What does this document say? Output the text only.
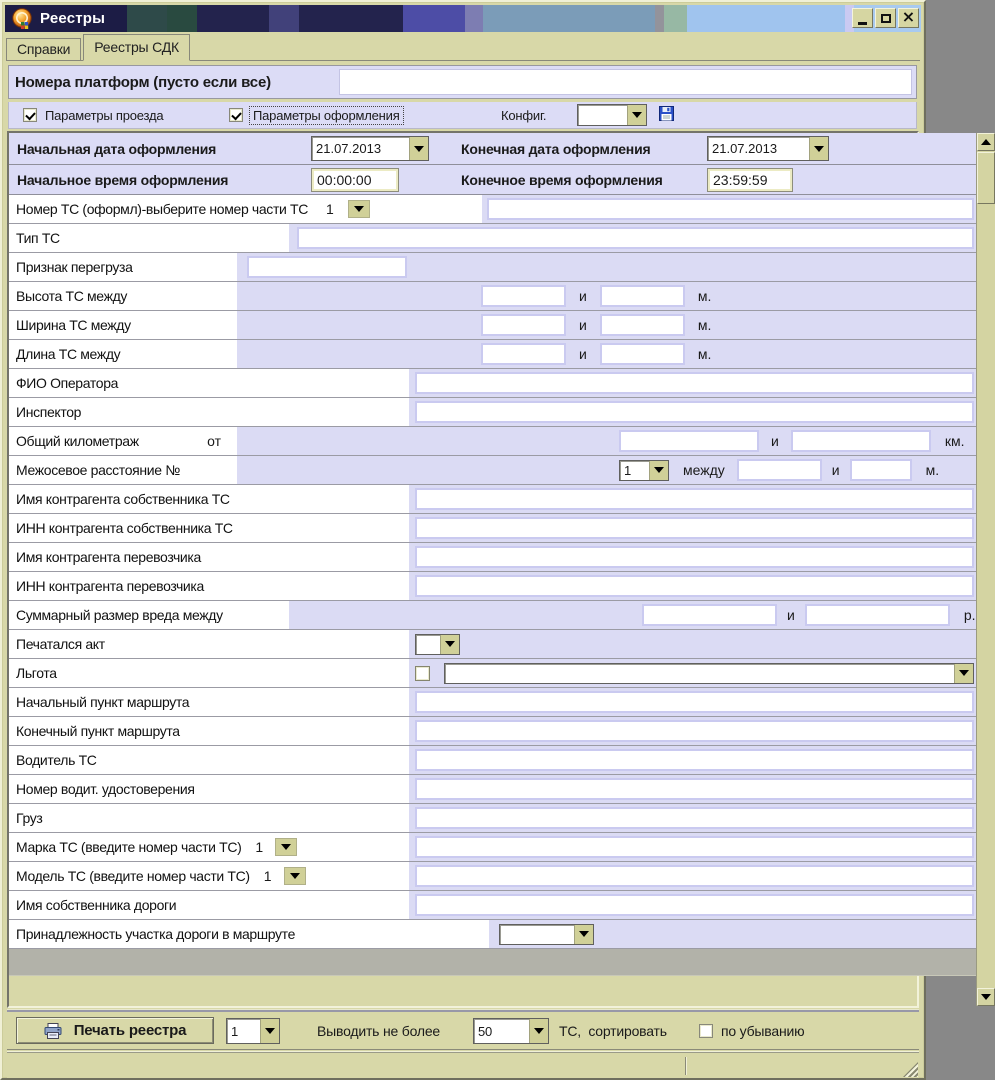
Реестры	×
Справки Реестры СДК
Номера платформ (пусто если все)
Параметры проезда	Параметры оформления	Конфиг.
Начальная дата оформления	21.07.2013	Конечная дата оформления	21.07.2013
Начальное время оформления	00:00:00	Конечное время оформления	23:59:59
Номер ТС (оформл)-выберите номер части ТС 1
Тип ТС
Признак перегруза
Высота ТС между	и	м.
Ширина ТС между	и	м.
Длина ТС между	и	м.
ФИО Оператора
Инспектор
Общий километраж	от	и	км.
Межосевое расстояние №	1	между	и	м.
Имя контрагента собственника ТС
ИНН контрагента собственника ТС
Имя контрагента перевозчика
ИНН контрагента перевозчика
Суммарный размер вреда между	и	р.
Печатался акт
Льгота
Начальный пункт маршрута
Конечный пункт маршрута
Водитель ТС
Номер водит. удостоверения
Груз
Марка ТС (введите номер части ТС) 1
Модель ТС (введите номер части ТС) 1
Имя собственника дороги
Принадлежность участка дороги в маршруте
Печать реестра	1	Выводить не более	50	ТС,  сортировать	по убыванию
